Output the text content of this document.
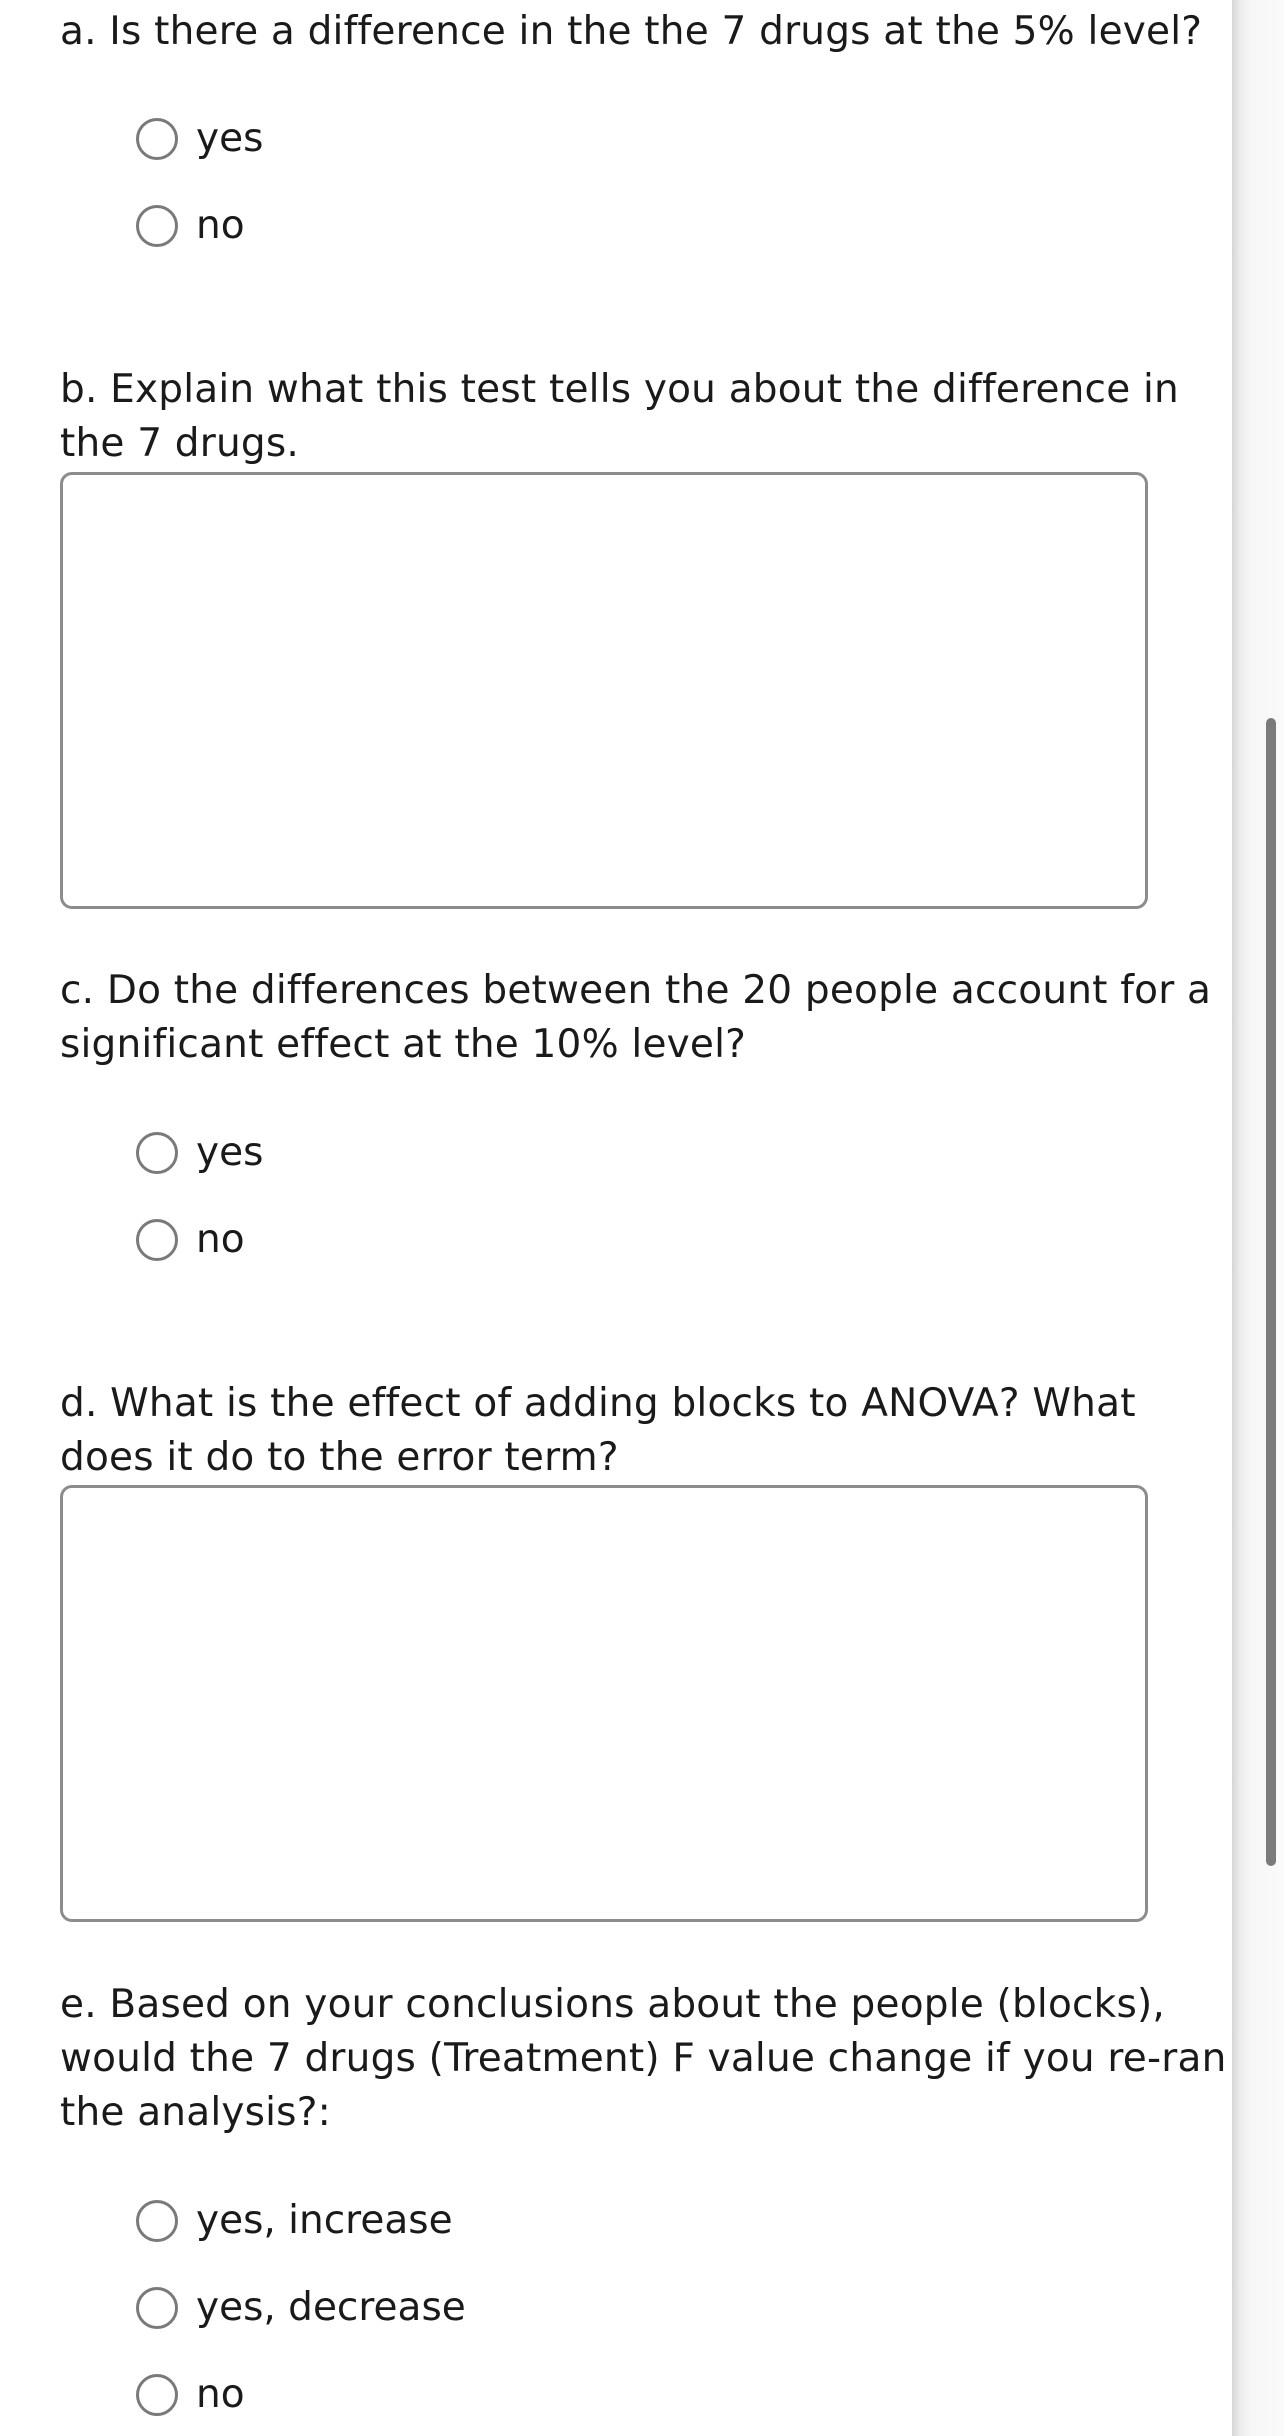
a. Is there a difference in the the 7 drugs at the 5% level?
yes
no
b. Explain what this test tells you about the difference in the 7 drugs.
c. Do the differences between the 20 people account for a significant effect at the 10% level?
yes
no
d. What is the effect of adding blocks to ANOVA? What does it do to the error term?
e. Based on your conclusions about the people (blocks), would the 7 drugs (Treatment) F value change if you re-ran the analysis?:
yes, increase
yes, decrease
no
